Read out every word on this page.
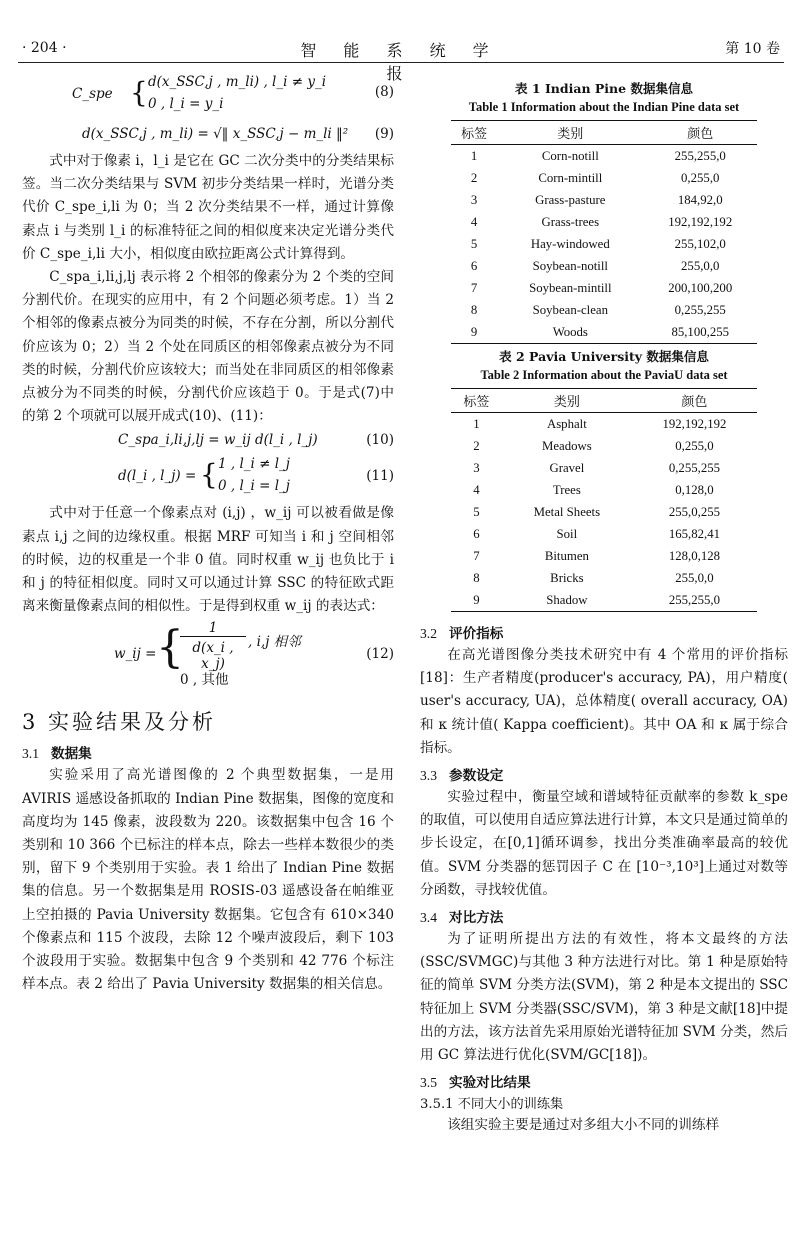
· 204 ·	智 能 系 统 学 报
第 10 卷
C_spe { d(x_SSC,j , m_li) , l_i ≠ y_i
0 , l_i = y_i
(8)
d(x_SSC,j , m_li) = √‖ x_SSC,j − m_li ‖² (9)

式中对于像素 i，l_i 是它在 GC 二次分类中的分类结果标签。当二次分类结果与 SVM 初步分类结果一样时，光谱分类代价 C_spe_i,li 为 0；当 2 次分类结果不一样，通过计算像素点 i 与类别 l_i 的标准特征之间的相似度来决定光谱分类代价 C_spe_i,li 大小，相似度由欧拉距离公式计算得到。

C_spa_i,li,j,lj 表示将 2 个相邻的像素分为 2 个类的空间分割代价。在现实的应用中，有 2 个问题必须考虑。1）当 2 个相邻的像素点被分为同类的时候，不存在分割，所以分割代价应该为 0；2）当 2 个处在同质区的相邻像素点被分为不同类的时候，分割代价应该较大；而当处在非同质区的相邻像素点被分为不同类的时候，分割代价应该趋于 0。于是式(7)中的第 2 个项就可以展开成式(10)、(11)：

C_spa_i,li,j,lj = w_ij d(l_i , l_j)	(10)
d(l_i , l_j) = { 1 , l_i ≠ l_j
0 , l_i = l_j
(11)

式中对于任意一个像素点对 (i,j) ，w_ij 可以被看做是像素点 i,j 之间的边缘权重。根据 MRF 可知当 i 和 j 空间相邻的时候，边的权重是一个非 0 值。同时权重 w_ij 也负比于 i 和 j 的特征相似度。同时又可以通过计算 SSC 的特征欧式距离来衡量像素点间的相似性。于是得到权重 w_ij 的表达式：

w_ij = {	1
d(x_i , x_j)
, i,j 相邻
0 , 其他
(12)
3 实验结果及分析
3.1 数据集

实验采用了高光谱图像的 2 个典型数据集，一是用 AVIRIS 遥感设备抓取的 Indian Pine 数据集，图像的宽度和高度均为 145 像素，波段数为 220。该数据集中包含 16 个类别和 10 366 个已标注的样本点，除去一些样本数很少的类别，留下 9 个类别用于实验。表 1 给出了 Indian Pine 数据集的信息。另一个数据集是用 ROSIS-03 遥感设备在帕维亚上空拍摄的 Pavia University 数据集。它包含有 610×340 个像素点和 115 个波段，去除 12 个噪声波段后，剩下 103 个波段用于实验。数据集中包含 9 个类别和 42 776 个标注样本点。表 2 给出了 Pavia University 数据集的相关信息。

表 1 Indian Pine 数据集信息

Table 1 Information about the Indian Pine data set

标签	类别	颜色
1	Corn-notill	255,255,0
2	Corn-mintill	0,255,0
3	Grass-pasture	184,92,0
4	Grass-trees	192,192,192
5	Hay-windowed	255,102,0
6	Soybean-notill	255,0,0
7	Soybean-mintill	200,100,200
8	Soybean-clean	0,255,255
9	Woods	85,100,255

表 2 Pavia University 数据集信息

Table 2 Information about the PaviaU data set

标签	类别	颜色
1	Asphalt	192,192,192
2	Meadows	0,255,0
3	Gravel	0,255,255
4	Trees	0,128,0
5	Metal Sheets	255,0,255
6	Soil	165,82,41
7	Bitumen	128,0,128
8	Bricks	255,0,0
9	Shadow	255,255,0
3.2 评价指标

在高光谱图像分类技术研究中有 4 个常用的评价指标[18]：生产者精度(producer's accuracy, PA)，用户精度( user's accuracy, UA)，总体精度( overall accuracy, OA)和 κ 统计值( Kappa coefficient)。其中 OA 和 κ 属于综合指标。

3.3 参数设定

实验过程中，衡量空域和谱域特征贡献率的参数 k_spe 的取值，可以使用自适应算法进行计算，本文只是通过简单的步长设定，在[0,1]循环调参，找出分类准确率最高的较优值。SVM 分类器的惩罚因子 C 在 [10⁻³,10³]上通过对数等分函数，寻找较优值。

3.4 对比方法

为了证明所提出方法的有效性，将本文最终的方法(SSC/SVMGC)与其他 3 种方法进行对比。第 1 种是原始特征的简单 SVM 分类方法(SVM)，第 2 种是本文提出的 SSC 特征加上 SVM 分类器(SSC/SVM)，第 3 种是文献[18]中提出的方法，该方法首先采用原始光谱特征加 SVM 分类，然后用 GC 算法进行优化(SVM/GC[18])。

3.5 实验对比结果
3.5.1 不同大小的训练集

该组实验主要是通过对多组大小不同的训练样
